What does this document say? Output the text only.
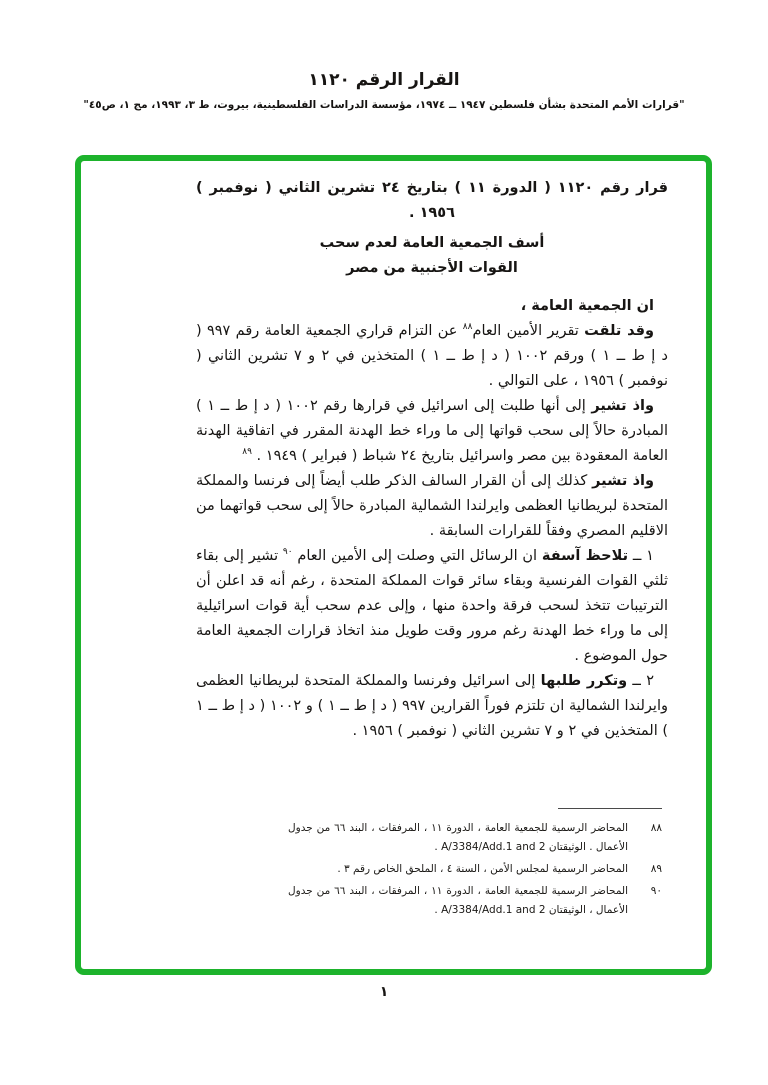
القرار الرقم ١١٢٠
"قرارات الأمم المتحدة بشأن فلسطين ١٩٤٧ ــ ١٩٧٤، مؤسسة الدراسات الفلسطينية، بيروت، ط ٣، ١٩٩٣، مج ١، ص٤٥"
قرار رقم ١١٢٠ ( الدورة ١١ ) بتاريخ ٢٤ تشرين الثاني ( نوفمبر )
١٩٥٦ .
أسف الجمعية العامة لعدم سحب
القوات الأجنبية من مصر

ان الجمعية العامة ،

وقد تلقت تقرير الأمين العام$^{٨٨}$ عن التزام قراري الجمعية العامة رقم ٩٩٧ ( د إ ط ــ ١ ) ورقم ١٠٠٢ ( د إ ط ــ ١ ) المتخذين في ٢ و ٧ تشرين الثاني ( نوفمبر ) ١٩٥٦ ، على التوالي .

واذ تشير إلى أنها طلبت إلى اسرائيل في قرارها رقم ١٠٠٢ ( د إ ط ــ ١ ) المبادرة حالاً إلى سحب قواتها إلى ما وراء خط الهدنة المقرر في اتفاقية الهدنة العامة المعقودة بين مصر واسرائيل بتاريخ ٢٤ شباط ( فبراير ) ١٩٤٩ . $^{٨٩}$

واذ تشير كذلك إلى أن القرار السالف الذكر طلب أيضاً إلى فرنسا والمملكة المتحدة لبريطانيا العظمى وايرلندا الشمالية المبادرة حالاً إلى سحب قواتهما من الاقليم المصري وفقاً للقرارات السابقة .

١ ــ تلاحظ آسفة ان الرسائل التي وصلت إلى الأمين العام $^{٩٠}$ تشير إلى بقاء ثلثي القوات الفرنسية وبقاء سائر قوات المملكة المتحدة ، رغم أنه قد اعلن أن الترتيبات تتخذ لسحب فرقة واحدة منها ، وإلى عدم سحب أية قوات اسرائيلية إلى ما وراء خط الهدنة رغم مرور وقت طويل منذ اتخاذ قرارات الجمعية العامة حول الموضوع .

٢ ــ وتكرر طلبها إلى اسرائيل وفرنسا والمملكة المتحدة لبريطانيا العظمى وايرلندا الشمالية ان تلتزم فوراً القرارين ٩٩٧ ( د إ ط ــ ١ ) و ١٠٠٢ ( د إ ط ــ ١ ) المتخذين في ٢ و ٧ تشرين الثاني ( نوفمبر ) ١٩٥٦ .

٨٨
المحاضر الرسمية للجمعية العامة ، الدورة ١١ ، المرفقات ، البند ٦٦ من جدول الأعمال . الوثيقتان A/3384/Add.1 and 2 .
٨٩
المحاضر الرسمية لمجلس الأمن ، السنة ٤ ، الملحق الخاص رقم ٣ .
٩٠
المحاضر الرسمية للجمعية العامة ، الدورة ١١ ، المرفقات ، البند ٦٦ من جدول الأعمال ، الوثيقتان A/3384/Add.1 and 2 .
١
